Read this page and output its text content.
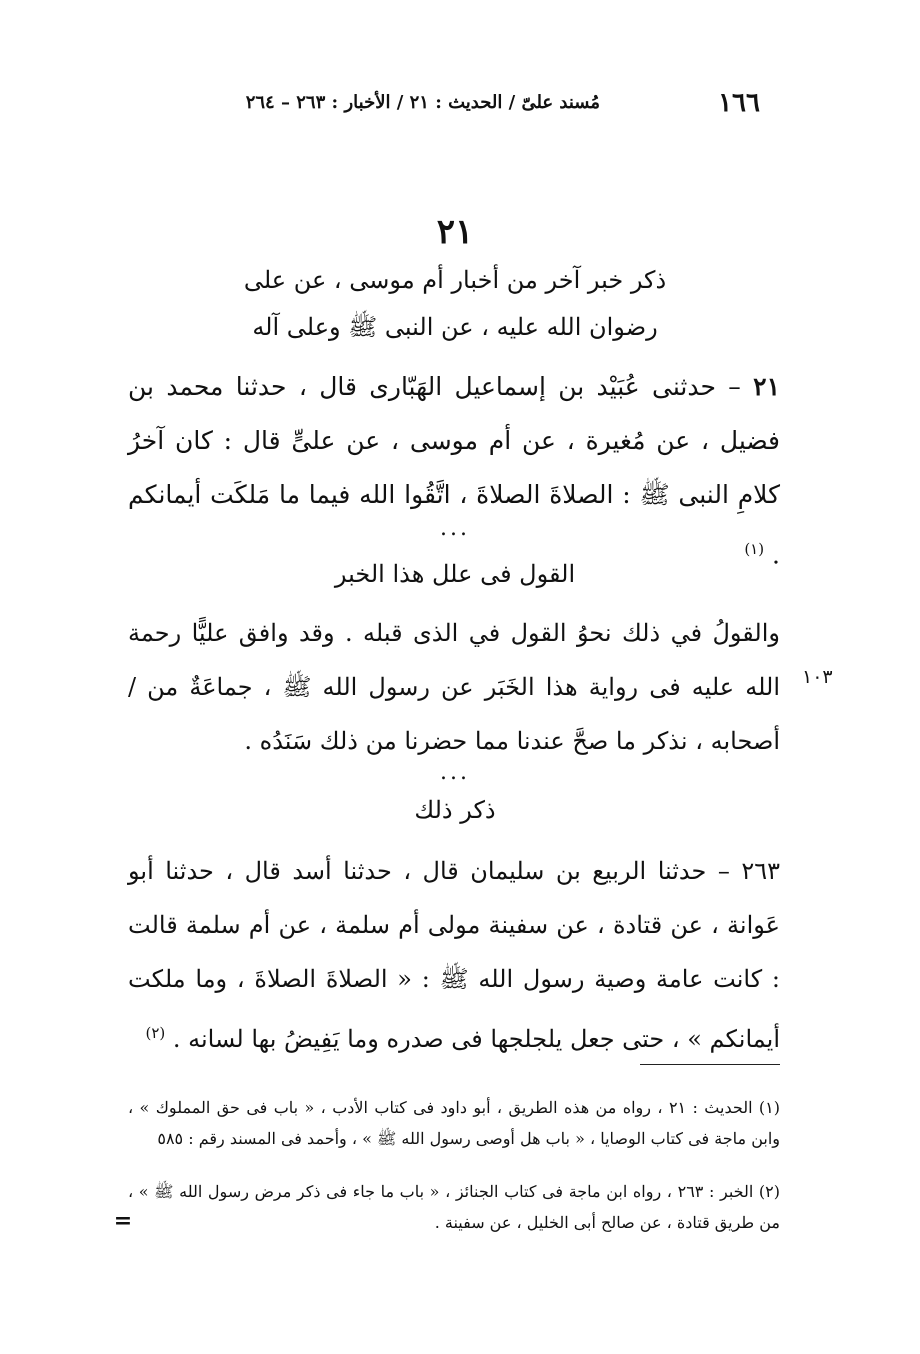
مُسند علىّ / الحديث : ٢١ / الأخبار : ٢٦٣ – ٢٦٤	١٦٦
٢١
ذكر خبر آخر من أخبار أم موسى ، عن على
رضوان الله عليه ، عن النبى ﷺ وعلى آله
٢١ – حدثنى عُبَيْد بن إسماعيل الهَبّارى قال ، حدثنا محمد بن فضيل ، عن مُغيرة ، عن أم موسى ، عن علىٍّ قال : كان آخرُ كلامِ النبى ﷺ : الصلاةَ الصلاةَ ، اتَّقُوا الله فيما ما مَلكَت أيمانكم . $^{(١)}$
...
القول فى علل هذا الخبر
والقولُ في ذلك نحوُ القول في الذى قبله . وقد وافق عليًّا رحمة الله عليه فى رواية هذا الخَبَر عن رسول الله ﷺ ، جماعَةٌ من / أصحابه ، نذكر ما صحَّ عندنا مما حضرنا من ذلك سَنَدُه .
١٠٣
...
ذكر ذلك
٢٦٣ – حدثنا الربيع بن سليمان قال ، حدثنا أسد قال ، حدثنا أبو عَوانة ، عن قتادة ، عن سفينة مولى أم سلمة ، عن أم سلمة قالت : كانت عامة وصية رسول الله ﷺ : « الصلاةَ الصلاةَ ، وما ملكت أيمانكم » ، حتى جعل يلجلجها فى صدره وما يَفِيضُ بها لسانه . $^{(٢)}$
(١) الحديث : ٢١ ، رواه من هذه الطريق ، أبو داود فى كتاب الأدب ، « باب فى حق المملوك » ، وابن ماجة فى كتاب الوصايا ، « باب هل أوصى رسول الله ﷺ » ، وأحمد فى المسند رقم : ٥٨٥
(٢) الخبر : ٢٦٣ ، رواه ابن ماجة فى كتاب الجنائز ، « باب ما جاء فى ذكر مرض رسول الله ﷺ » ، من طريق قتادة ، عن صالح أبى الخليل ، عن سفينة .
=
